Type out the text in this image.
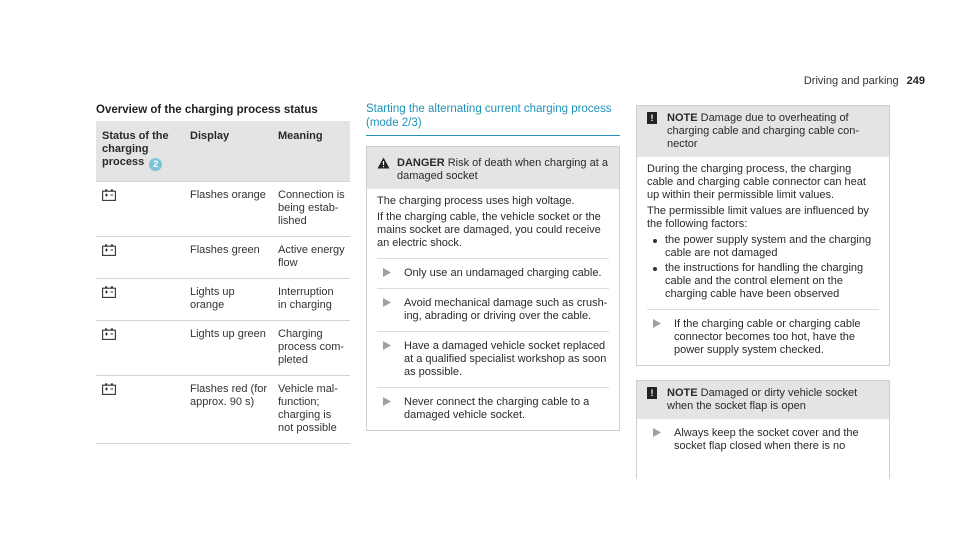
Driving and parking 249
Overview of the charging process status
Status of the charging process 2	Display	Meaning
	Flashes orange	Connection is being estab- lished
	Flashes green	Active energy flow
	Lights up orange	Interruption in charging
	Lights up green	Charging process com- pleted
	Flashes red (for approx. 90 s)	Vehicle mal- function; charging is not possible
Starting the alternating current charging process (mode 2/3)
DANGER Risk of death when charging at a damaged socket

The charging process uses high voltage.

If the charging cable, the vehicle socket or the mains socket are damaged, you could receive an electric shock.

Only use an undamaged charging cable.
Avoid mechanical damage such as crush- ing, abrading or driving over the cable.
Have a damaged vehicle socket replaced at a qualified specialist workshop as soon as possible.
Never connect the charging cable to a damaged vehicle socket.
!	NOTE Damage due to overheating of charging cable and charging cable con- nector

During the charging process, the charging cable and charging cable connector can heat up within their permissible limit values.

The permissible limit values are influenced by the following factors:

the power supply system and the charging cable are not damaged
the instructions for handling the charging cable and the control element on the charging cable have been observed
If the charging cable or charging cable connector becomes too hot, have the power supply system checked.
!	NOTE Damaged or dirty vehicle socket when the socket flap is open
Always keep the socket cover and the socket flap closed when there is no
